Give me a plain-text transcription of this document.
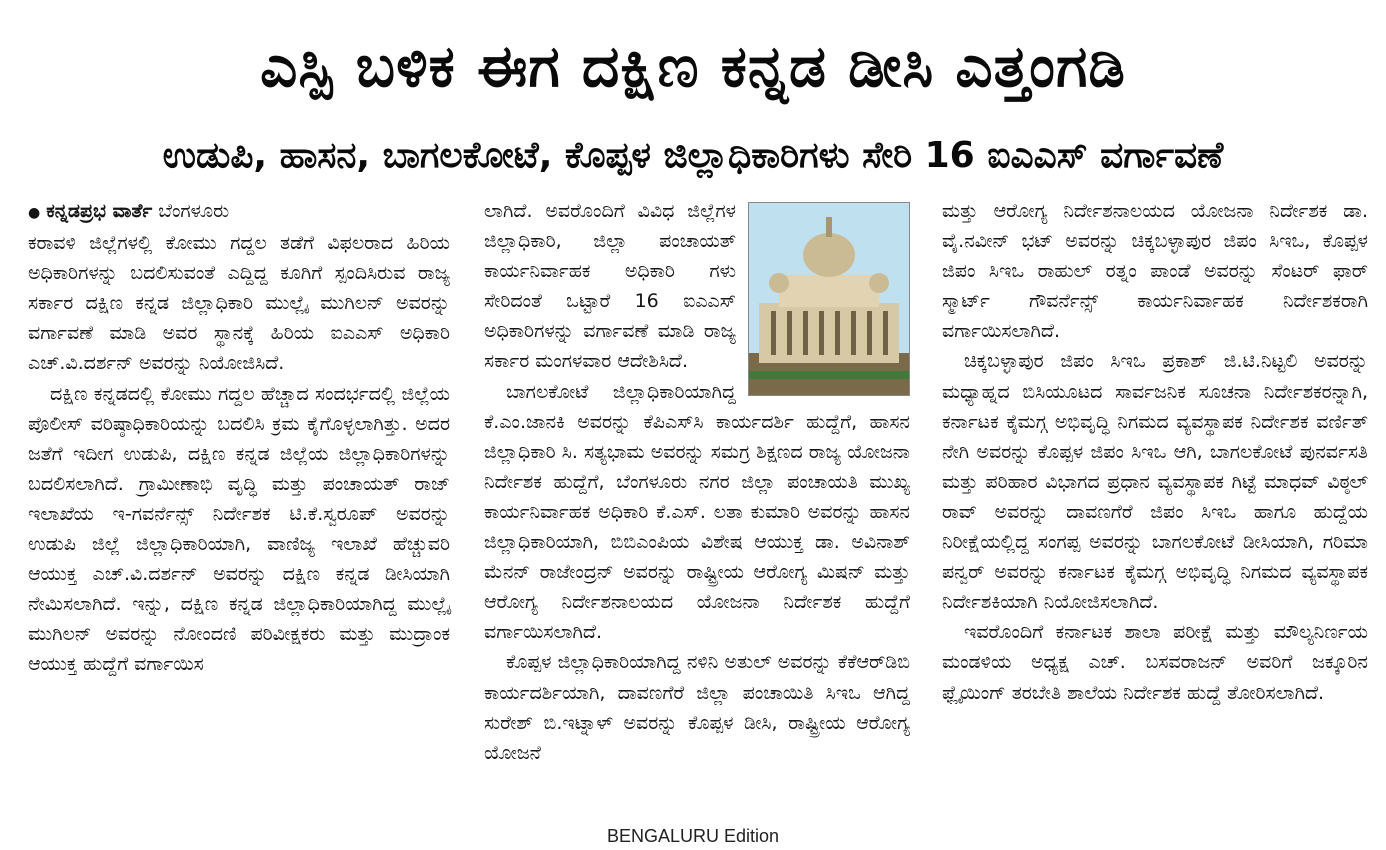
ಎಸ್ಪಿ ಬಳಿಕ ಈಗ ದಕ್ಷಿಣ ಕನ್ನಡ ಡೀಸಿ ಎತ್ತಂಗಡಿ
ಉಡುಪಿ, ಹಾಸನ, ಬಾಗಲಕೋಟೆ, ಕೊಪ್ಪಳ ಜಿಲ್ಲಾಧಿಕಾರಿಗಳು ಸೇರಿ 16 ಐಎಎಸ್ ವರ್ಗಾವಣೆ

● ಕನ್ನಡಪ್ರಭ ವಾರ್ತೆ ಬೆಂಗಳೂರು

ಕರಾವಳಿ ಜಿಲ್ಲೆಗಳಲ್ಲಿ ಕೋಮು ಗದ್ದಲ ತಡೆಗೆ ವಿಫಲರಾದ ಹಿರಿಯ ಅಧಿಕಾರಿಗಳನ್ನು ಬದಲಿಸುವಂತೆ ಎದ್ದಿದ್ದ ಕೂಗಿಗೆ ಸ್ಪಂದಿಸಿರುವ ರಾಜ್ಯ ಸರ್ಕಾರ ದಕ್ಷಿಣ ಕನ್ನಡ ಜಿಲ್ಲಾಧಿಕಾರಿ ಮುಲ್ಲೈ ಮುಗಿಲನ್ ಅವರನ್ನು ವರ್ಗಾವಣೆ ಮಾಡಿ ಅವರ ಸ್ಥಾನಕ್ಕೆ ಹಿರಿಯ ಐಎಎಸ್ ಅಧಿಕಾರಿ ಎಚ್.ವಿ.ದರ್ಶನ್ ಅವರನ್ನು ನಿಯೋಜಿಸಿದೆ.

ದಕ್ಷಿಣ ಕನ್ನಡದಲ್ಲಿ ಕೋಮು ಗದ್ದಲ ಹೆಚ್ಚಾದ ಸಂದರ್ಭದಲ್ಲಿ ಜಿಲ್ಲೆಯ ಪೊಲೀಸ್ ವರಿಷ್ಠಾಧಿಕಾರಿಯನ್ನು ಬದಲಿಸಿ ಕ್ರಮ ಕೈಗೊಳ್ಳಲಾಗಿತ್ತು. ಅದರ ಜತೆಗೆ ಇದೀಗ ಉಡುಪಿ, ದಕ್ಷಿಣ ಕನ್ನಡ ಜಿಲ್ಲೆಯ ಜಿಲ್ಲಾಧಿಕಾರಿಗಳನ್ನು ಬದಲಿಸಲಾಗಿದೆ. ಗ್ರಾಮೀಣಾಭಿ ವೃದ್ಧಿ ಮತ್ತು ಪಂಚಾಯತ್ ರಾಜ್ ಇಲಾಖೆಯ ಇ-ಗವರ್ನೆನ್ಸ್ ನಿರ್ದೇಶಕ ಟಿ.ಕೆ.ಸ್ವರೂಪ್ ಅವರನ್ನು ಉಡುಪಿ ಜಿಲ್ಲೆ ಜಿಲ್ಲಾಧಿಕಾರಿಯಾಗಿ, ವಾಣಿಜ್ಯ ಇಲಾಖೆ ಹೆಚ್ಚುವರಿ ಆಯುಕ್ತ ಎಚ್.ವಿ.ದರ್ಶನ್ ಅವರನ್ನು ದಕ್ಷಿಣ ಕನ್ನಡ ಡೀಸಿಯಾಗಿ ನೇಮಿಸಲಾಗಿದೆ. ಇನ್ನು, ದಕ್ಷಿಣ ಕನ್ನಡ ಜಿಲ್ಲಾಧಿಕಾರಿಯಾಗಿದ್ದ ಮುಲ್ಲೈ ಮುಗಿಲನ್ ಅವರನ್ನು ನೋಂದಣಿ ಪರಿವೀಕ್ಷಕರು ಮತ್ತು ಮುದ್ರಾಂಕ ಆಯುಕ್ತ ಹುದ್ದೆಗೆ ವರ್ಗಾಯಿಸ

ಲಾಗಿದೆ. ಅವರೊಂದಿಗೆ ವಿವಿಧ ಜಿಲ್ಲೆಗಳ ಜಿಲ್ಲಾಧಿಕಾರಿ, ಜಿಲ್ಲಾ ಪಂಚಾಯತ್ ಕಾರ್ಯನಿರ್ವಾಹಕ ಅಧಿಕಾರಿ ಗಳು ಸೇರಿದಂತೆ ಒಟ್ಟಾರೆ 16 ಐಎಎಸ್ ಅಧಿಕಾರಿಗಳನ್ನು ವರ್ಗಾವಣೆ ಮಾಡಿ ರಾಜ್ಯ ಸರ್ಕಾರ ಮಂಗಳವಾರ ಆದೇಶಿಸಿದೆ.

ಬಾಗಲಕೋಟೆ ಜಿಲ್ಲಾಧಿಕಾರಿಯಾಗಿದ್ದ ಕೆ.ಎಂ.ಜಾನಕಿ ಅವರನ್ನು ಕೆಪಿಎಸ್‌ಸಿ ಕಾರ್ಯದರ್ಶಿ ಹುದ್ದೆಗೆ, ಹಾಸನ ಜಿಲ್ಲಾಧಿಕಾರಿ ಸಿ. ಸತ್ಯಭಾಮ ಅವರನ್ನು ಸಮಗ್ರ ಶಿಕ್ಷಣದ ರಾಜ್ಯ ಯೋಜನಾ ನಿರ್ದೇಶಕ ಹುದ್ದೆಗೆ, ಬೆಂಗಳೂರು ನಗರ ಜಿಲ್ಲಾ ಪಂಚಾಯತಿ ಮುಖ್ಯ ಕಾರ್ಯನಿರ್ವಾಹಕ ಅಧಿಕಾರಿ ಕೆ.ಎಸ್. ಲತಾ ಕುಮಾರಿ ಅವರನ್ನು ಹಾಸನ ಜಿಲ್ಲಾಧಿಕಾರಿಯಾಗಿ, ಬಿಬಿಎಂಪಿಯ ವಿಶೇಷ ಆಯುಕ್ತ ಡಾ. ಅವಿನಾಶ್ ಮೆನನ್ ರಾಜೇಂದ್ರನ್ ಅವರನ್ನು ರಾಷ್ಟ್ರೀಯ ಆರೋಗ್ಯ ಮಿಷನ್ ಮತ್ತು ಆರೋಗ್ಯ ನಿರ್ದೇಶನಾಲಯದ ಯೋಜನಾ ನಿರ್ದೇಶಕ ಹುದ್ದೆಗೆ ವರ್ಗಾಯಿಸಲಾಗಿದೆ.

ಕೊಪ್ಪಳ ಜಿಲ್ಲಾಧಿಕಾರಿಯಾಗಿದ್ದ ನಳಿನಿ ಅತುಲ್ ಅವರನ್ನು ಕೆಕೆಆರ್‌ಡಿಬಿ ಕಾರ್ಯದರ್ಶಿಯಾಗಿ, ದಾವಣಗೆರೆ ಜಿಲ್ಲಾ ಪಂಚಾಯಿತಿ ಸಿಇಒ ಆಗಿದ್ದ ಸುರೇಶ್ ಬಿ.ಇಟ್ನಾಳ್ ಅವರನ್ನು ಕೊಪ್ಪಳ ಡೀಸಿ, ರಾಷ್ಟ್ರೀಯ ಆರೋಗ್ಯ ಯೋಜನೆ

ಮತ್ತು ಆರೋಗ್ಯ ನಿರ್ದೇಶನಾಲಯದ ಯೋಜನಾ ನಿರ್ದೇಶಕ ಡಾ. ವೈ.ನವೀನ್ ಭಟ್ ಅವರನ್ನು ಚಿಕ್ಕಬಳ್ಳಾಪುರ ಜಿಪಂ ಸಿಇಒ, ಕೊಪ್ಪಳ ಜಿಪಂ ಸಿಇಒ ರಾಹುಲ್ ರತ್ನಂ ಪಾಂಡೆ ಅವರನ್ನು ಸೆಂಟರ್ ಫಾರ್ ಸ್ಮಾರ್ಟ್ ಗೌವರ್ನೆನ್ಸ್ ಕಾರ್ಯನಿರ್ವಾಹಕ ನಿರ್ದೇಶಕರಾಗಿ ವರ್ಗಾಯಿಸಲಾಗಿದೆ.

ಚಿಕ್ಕಬಳ್ಳಾಪುರ ಜಿಪಂ ಸಿಇಒ ಪ್ರಕಾಶ್ ಜಿ.ಟಿ.ನಿಟ್ಟಲಿ ಅವರನ್ನು ಮಧ್ಯಾಹ್ನದ ಬಿಸಿಯೂಟದ ಸಾರ್ವಜನಿಕ ಸೂಚನಾ ನಿರ್ದೇಶಕರನ್ನಾಗಿ, ಕರ್ನಾಟಕ ಕೈಮಗ್ಗ ಅಭಿವೃದ್ಧಿ ನಿಗಮದ ವ್ಯವಸ್ಥಾಪಕ ನಿರ್ದೇಶಕ ವರ್ಣಿತ್ ನೇಗಿ ಅವರನ್ನು ಕೊಪ್ಪಳ ಜಿಪಂ ಸಿಇಒ ಆಗಿ, ಬಾಗಲಕೋಟೆ ಪುನರ್ವಸತಿ ಮತ್ತು ಪರಿಹಾರ ವಿಭಾಗದ ಪ್ರಧಾನ ವ್ಯವಸ್ಥಾಪಕ ಗಿಟ್ಟೆ ಮಾಧವ್ ವಿಠ್ಠಲ್ ರಾವ್ ಅವರನ್ನು ದಾವಣಗೆರೆ ಜಿಪಂ ಸಿಇಒ ಹಾಗೂ ಹುದ್ದೆಯ ನಿರೀಕ್ಷೆಯಲ್ಲಿದ್ದ ಸಂಗಪ್ಪ ಅವರನ್ನು ಬಾಗಲಕೋಟೆ ಡೀಸಿಯಾಗಿ, ಗರಿಮಾ ಪನ್ವರ್ ಅವರನ್ನು ಕರ್ನಾಟಕ ಕೈಮಗ್ಗ ಅಭಿವೃದ್ಧಿ ನಿಗಮದ ವ್ಯವಸ್ಥಾಪಕ ನಿರ್ದೇಶಕಿಯಾಗಿ ನಿಯೋಜಿಸಲಾಗಿದೆ.

ಇವರೊಂದಿಗೆ ಕರ್ನಾಟಕ ಶಾಲಾ ಪರೀಕ್ಷೆ ಮತ್ತು ಮೌಲ್ಯನಿರ್ಣಯ ಮಂಡಳಿಯ ಅಧ್ಯಕ್ಷ ಎಚ್. ಬಸವರಾಜನ್ ಅವರಿಗೆ ಜಕ್ಕೂರಿನ ಫ್ಲೈಯಿಂಗ್ ತರಬೇತಿ ಶಾಲೆಯ ನಿರ್ದೇಶಕ ಹುದ್ದೆ ತೋರಿಸಲಾಗಿದೆ.

BENGALURU Edition
